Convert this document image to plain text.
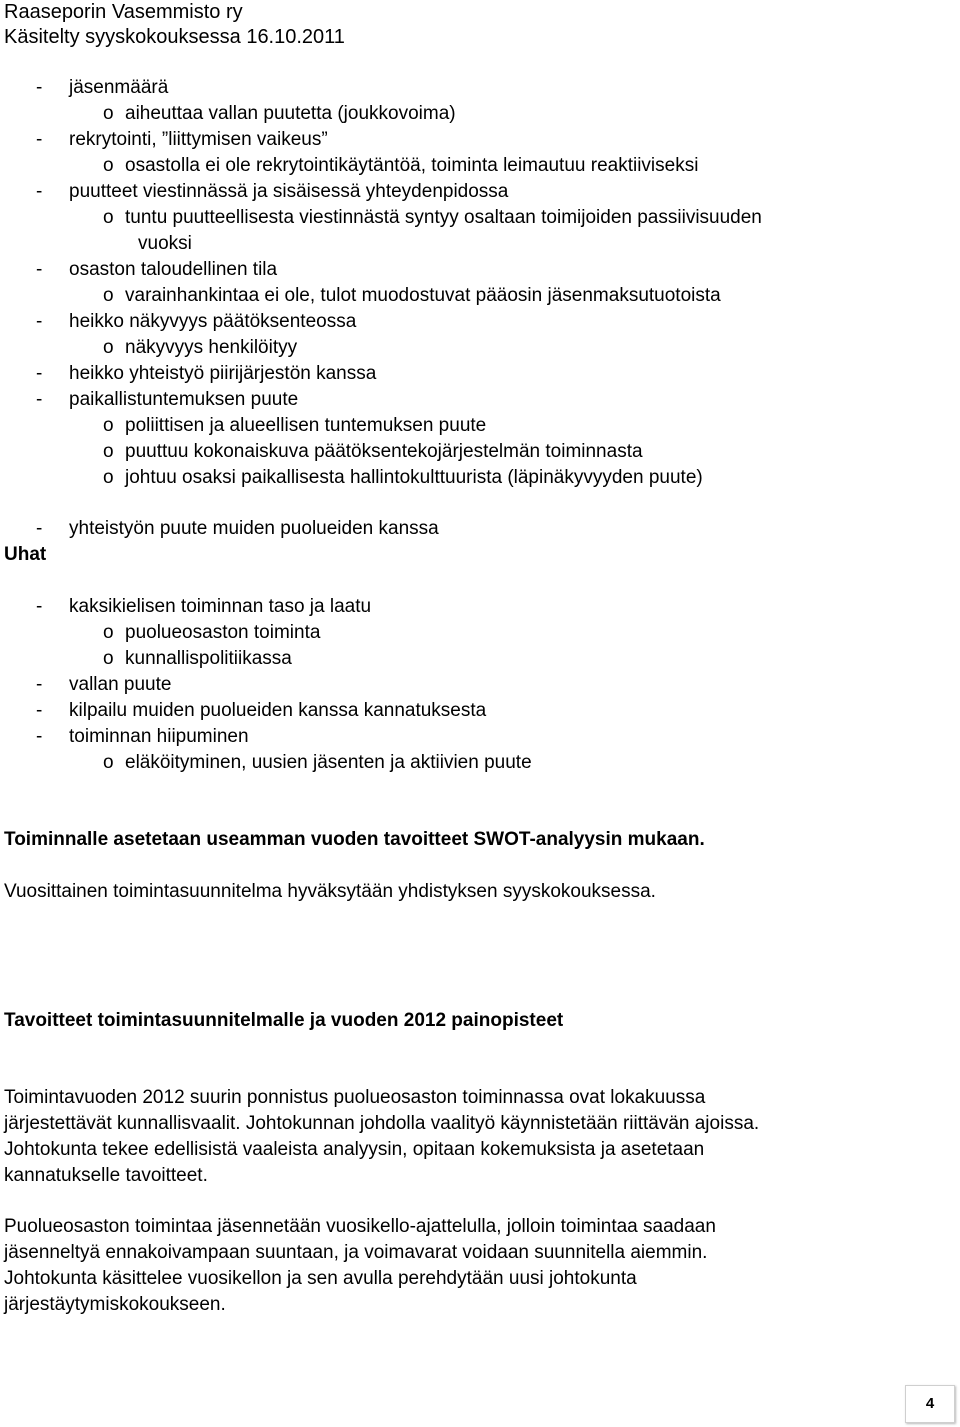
Raaseporin Vasemmisto ry
Käsitelty syyskokouksessa 16.10.2011
- jäsenmäärä
o aiheuttaa vallan puutetta (joukkovoima)
- rekrytointi, ”liittymisen vaikeus”
o osastolla ei ole rekrytointikäytäntöä, toiminta leimautuu reaktiiviseksi
- puutteet viestinnässä ja sisäisessä yhteydenpidossa
o tuntu puutteellisesta viestinnästä syntyy osaltaan toimijoiden passiivisuuden
vuoksi
- osaston taloudellinen tila
o varainhankintaa ei ole, tulot muodostuvat pääosin jäsenmaksutuotoista
- heikko näkyvyys päätöksenteossa
o näkyvyys henkilöityy
- heikko yhteistyö piirijärjestön kanssa
- paikallistuntemuksen puute
o poliittisen ja alueellisen tuntemuksen puute
o puuttuu kokonaiskuva päätöksentekojärjestelmän toiminnasta
o johtuu osaksi paikallisesta hallintokulttuurista (läpinäkyvyyden puute)
- yhteistyön puute muiden puolueiden kanssa
Uhat
- kaksikielisen toiminnan taso ja laatu
o puolueosaston toiminta
o kunnallispolitiikassa
- vallan puute
- kilpailu muiden puolueiden kanssa kannatuksesta
- toiminnan hiipuminen
o eläköityminen, uusien jäsenten ja aktiivien puute
Toiminnalle asetetaan useamman vuoden tavoitteet SWOT-analyysin mukaan.
Vuosittainen toimintasuunnitelma hyväksytään yhdistyksen syyskokouksessa.
Tavoitteet toimintasuunnitelmalle ja vuoden 2012 painopisteet
Toimintavuoden 2012 suurin ponnistus puolueosaston toiminnassa ovat lokakuussa
järjestettävät kunnallisvaalit. Johtokunnan johdolla vaalityö käynnistetään riittävän ajoissa.
Johtokunta tekee edellisistä vaaleista analyysin, opitaan kokemuksista ja asetetaan
kannatukselle tavoitteet.
Puolueosaston toimintaa jäsennetään vuosikello-ajattelulla, jolloin toimintaa saadaan
jäsenneltyä ennakoivampaan suuntaan, ja voimavarat voidaan suunnitella aiemmin.
Johtokunta käsittelee vuosikellon ja sen avulla perehdytään uusi johtokunta
järjestäytymiskokoukseen.
4
